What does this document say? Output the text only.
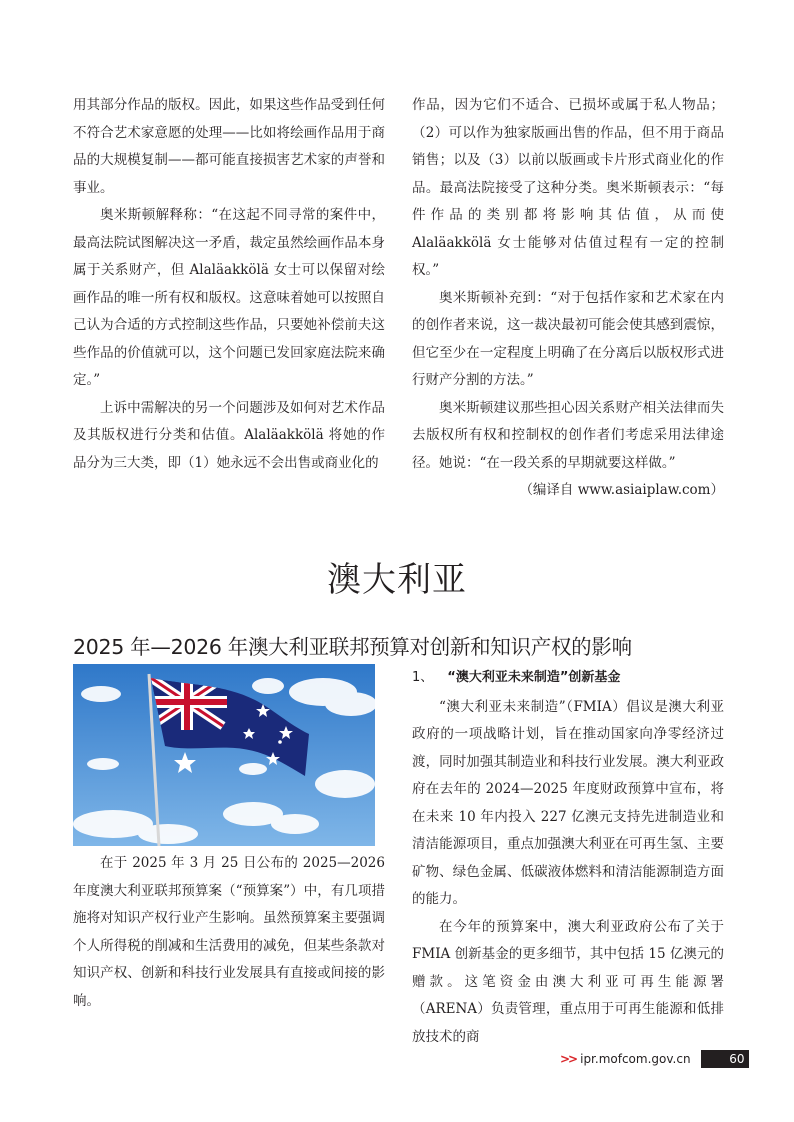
用其部分作品的版权。因此，如果这些作品受到任何不符合艺术家意愿的处理——比如将绘画作品用于商品的大规模复制——都可能直接损害艺术家的声誉和事业。

奥米斯顿解释称：“在这起不同寻常的案件中，最高法院试图解决这一矛盾，裁定虽然绘画作品本身属于关系财产，但 Alaläakkölä 女士可以保留对绘画作品的唯一所有权和版权。这意味着她可以按照自己认为合适的方式控制这些作品，只要她补偿前夫这些作品的价值就可以，这个问题已发回家庭法院来确定。”

上诉中需解决的另一个问题涉及如何对艺术作品及其版权进行分类和估值。Alaläakkölä 将她的作品分为三大类，即（1）她永远不会出售或商业化的

作品，因为它们不适合、已损坏或属于私人物品；（2）可以作为独家版画出售的作品，但不用于商品销售；以及（3）以前以版画或卡片形式商业化的作品。最高法院接受了这种分类。奥米斯顿表示：“每件作品的类别都将影响其估值，从而使 Alaläakkölä 女士能够对估值过程有一定的控制权。”

奥米斯顿补充到：“对于包括作家和艺术家在内的创作者来说，这一裁决最初可能会使其感到震惊，但它至少在一定程度上明确了在分离后以版权形式进行财产分割的方法。”

奥米斯顿建议那些担心因关系财产相关法律而失去版权所有权和控制权的创作者们考虑采用法律途径。她说：“在一段关系的早期就要这样做。”

（编译自 www.asiaiplaw.com）

澳大利亚
2025 年—2026 年澳大利亚联邦预算对创新和知识产权的影响

在于 2025 年 3 月 25 日公布的 2025—2026 年度澳大利亚联邦预算案（“预算案”）中，有几项措施将对知识产权行业产生影响。虽然预算案主要强调个人所得税的削减和生活费用的减免，但某些条款对知识产权、创新和科技行业发展具有直接或间接的影响。

1、 “澳大利亚未来制造”创新基金

“澳大利亚未来制造”（FMIA）倡议是澳大利亚政府的一项战略计划，旨在推动国家向净零经济过渡，同时加强其制造业和科技行业发展。澳大利亚政府在去年的 2024—2025 年度财政预算中宣布，将在未来 10 年内投入 227 亿澳元支持先进制造业和清洁能源项目，重点加强澳大利亚在可再生氢、主要矿物、绿色金属、低碳液体燃料和清洁能源制造方面的能力。

在今年的预算案中，澳大利亚政府公布了关于 FMIA 创新基金的更多细节，其中包括 15 亿澳元的赠款。这笔资金由澳大利亚可再生能源署（ARENA）负责管理，重点用于可再生能源和低排放技术的商

>> ipr.mofcom.gov.cn	60
